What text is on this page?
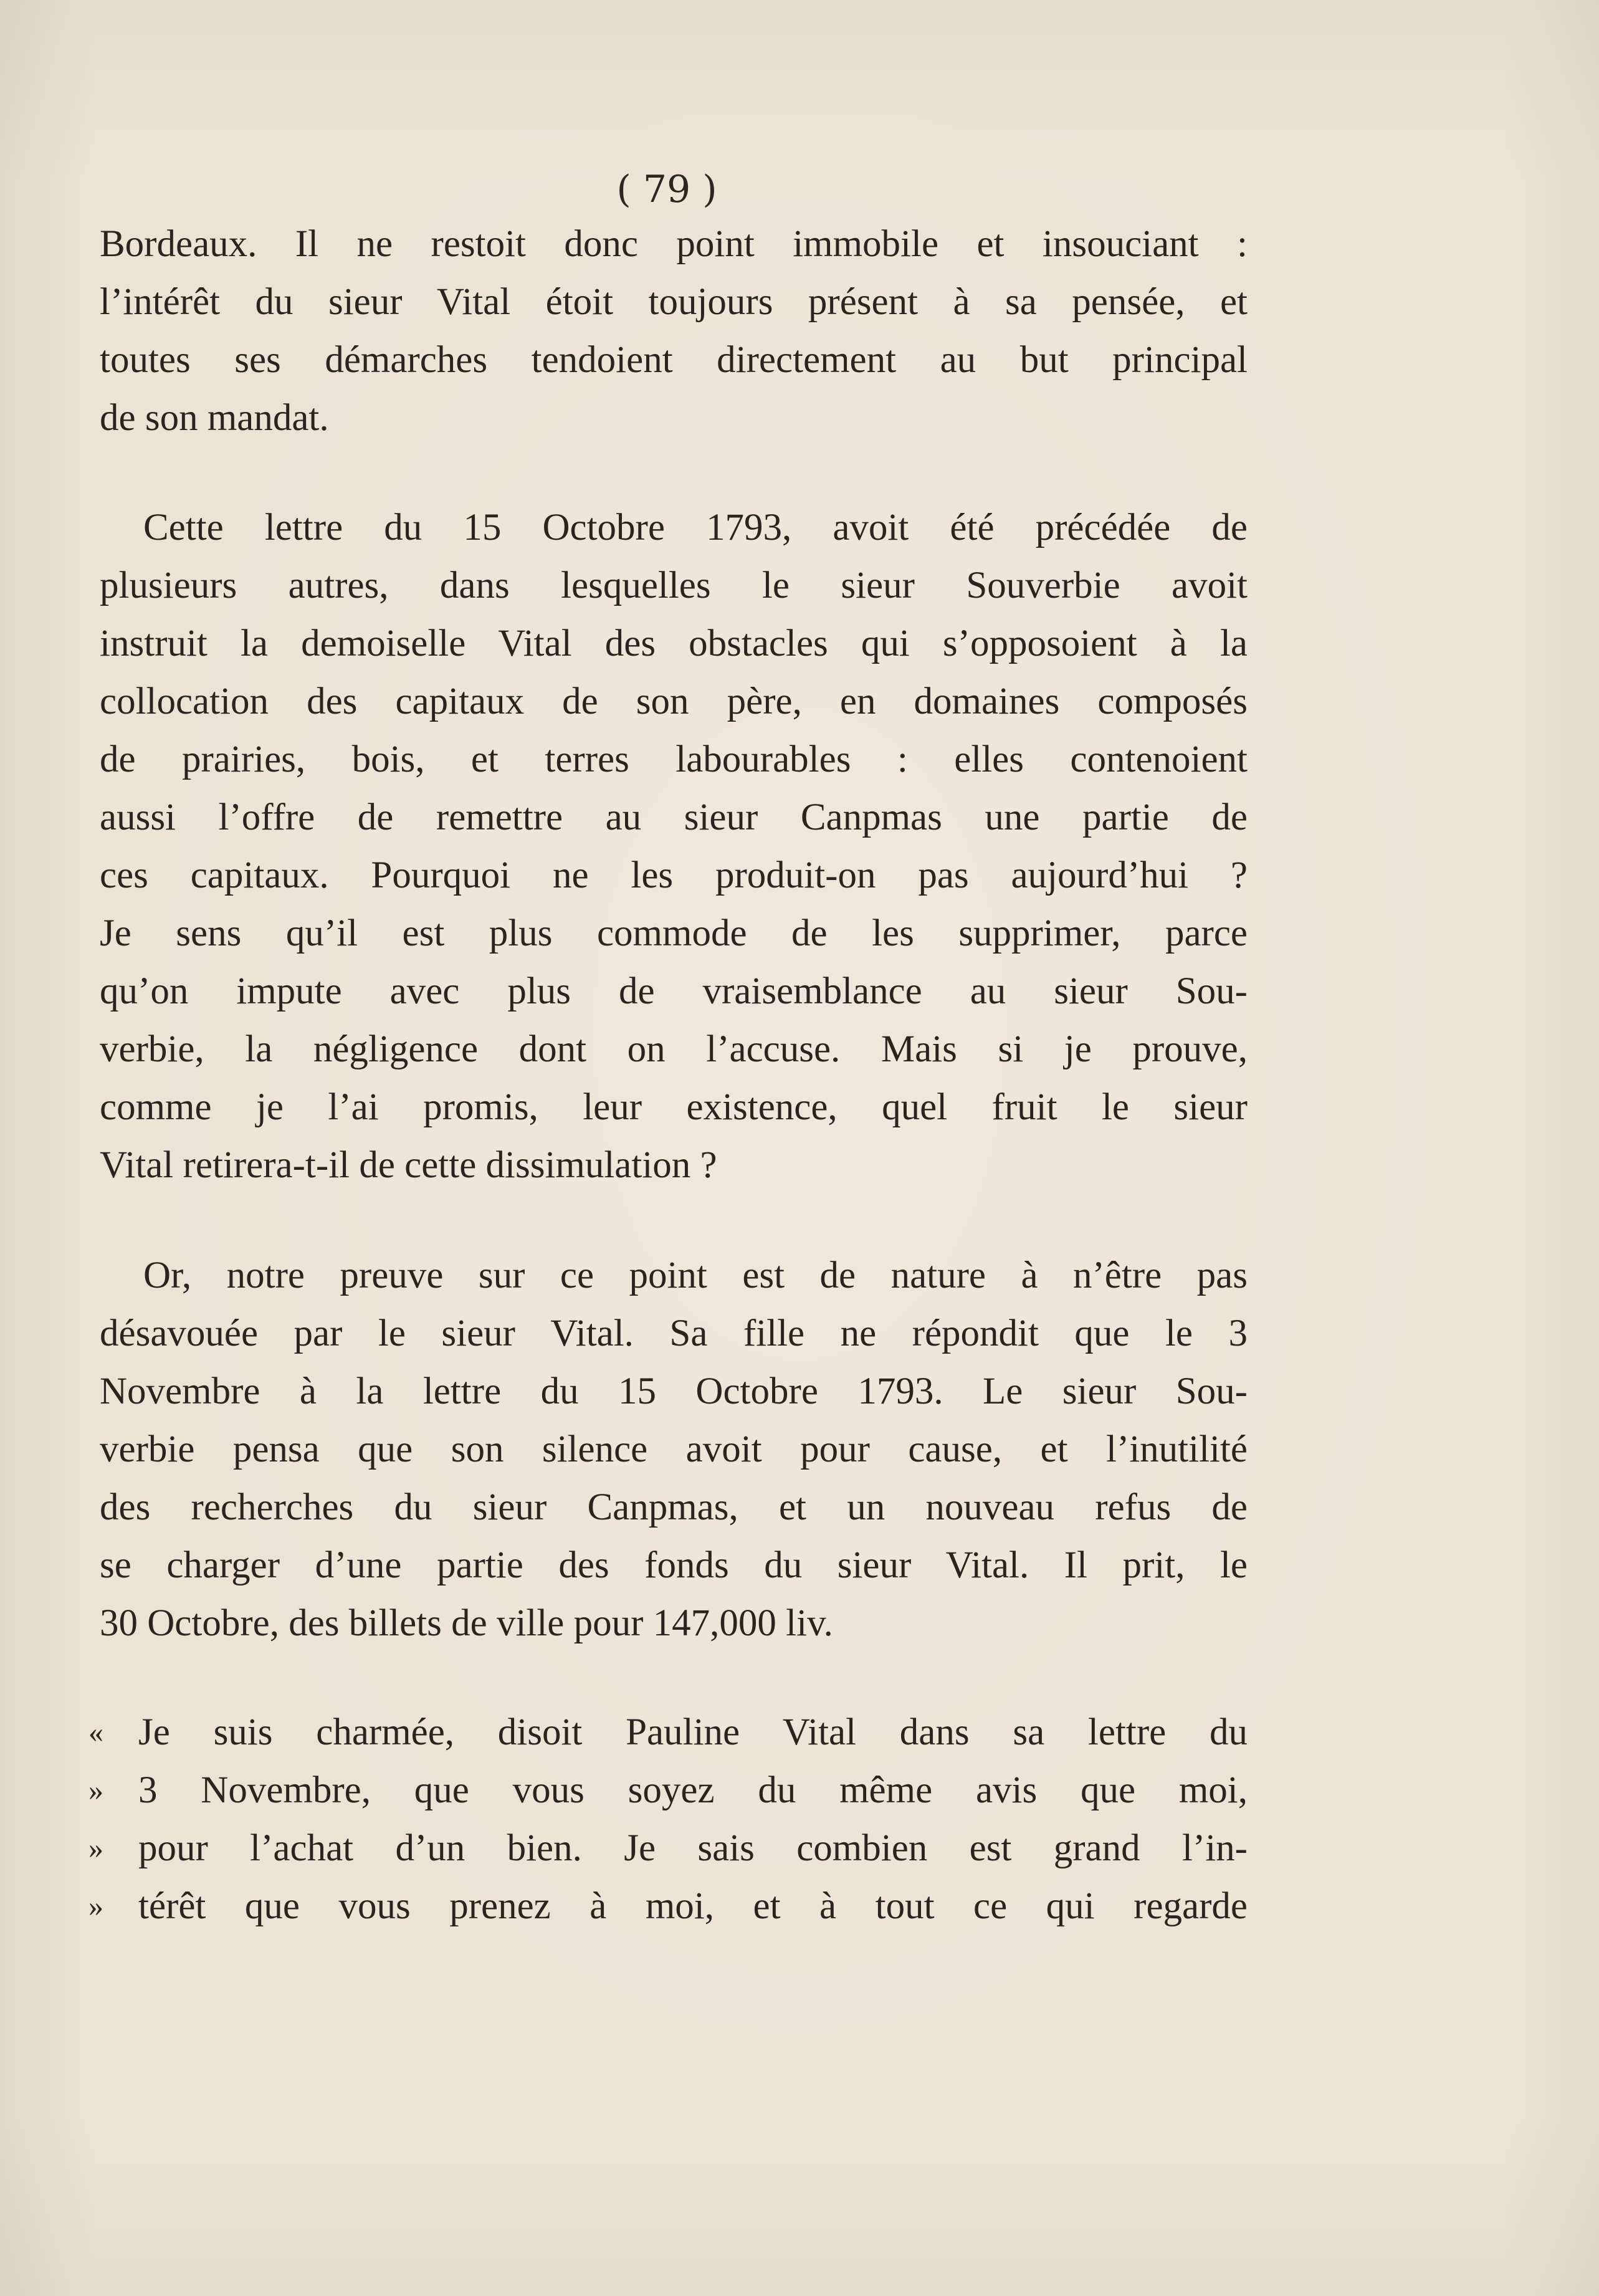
( 79 )
Bordeaux. Il ne restoit donc point immobile et insouciant :
l’intérêt du sieur Vital étoit toujours présent à sa pensée, et
toutes ses démarches tendoient directement au but principal
de son mandat.
Cette lettre du 15 Octobre 1793, avoit été précédée de
plusieurs autres, dans lesquelles le sieur Souverbie avoit
instruit la demoiselle Vital des obstacles qui s’opposoient à la
collocation des capitaux de son père, en domaines composés
de prairies, bois, et terres labourables : elles contenoient
aussi l’offre de remettre au sieur Canpmas une partie de
ces capitaux. Pourquoi ne les produit-on pas aujourd’hui ?
Je sens qu’il est plus commode de les supprimer, parce
qu’on impute avec plus de vraisemblance au sieur Sou-
verbie, la négligence dont on l’accuse. Mais si je prouve,
comme je l’ai promis, leur existence, quel fruit le sieur
Vital retirera-t-il de cette dissimulation ?
Or, notre preuve sur ce point est de nature à n’être pas
désavouée par le sieur Vital. Sa fille ne répondit que le 3
Novembre à la lettre du 15 Octobre 1793. Le sieur Sou-
verbie pensa que son silence avoit pour cause, et l’inutilité
des recherches du sieur Canpmas, et un nouveau refus de
se charger d’une partie des fonds du sieur Vital. Il prit, le
30 Octobre, des billets de ville pour 147,000 liv.
« Je suis charmée, disoit Pauline Vital dans sa lettre du
» 3 Novembre, que vous soyez du même avis que moi,
» pour l’achat d’un bien. Je sais combien est grand l’in-
» térêt que vous prenez à moi, et à tout ce qui regarde
